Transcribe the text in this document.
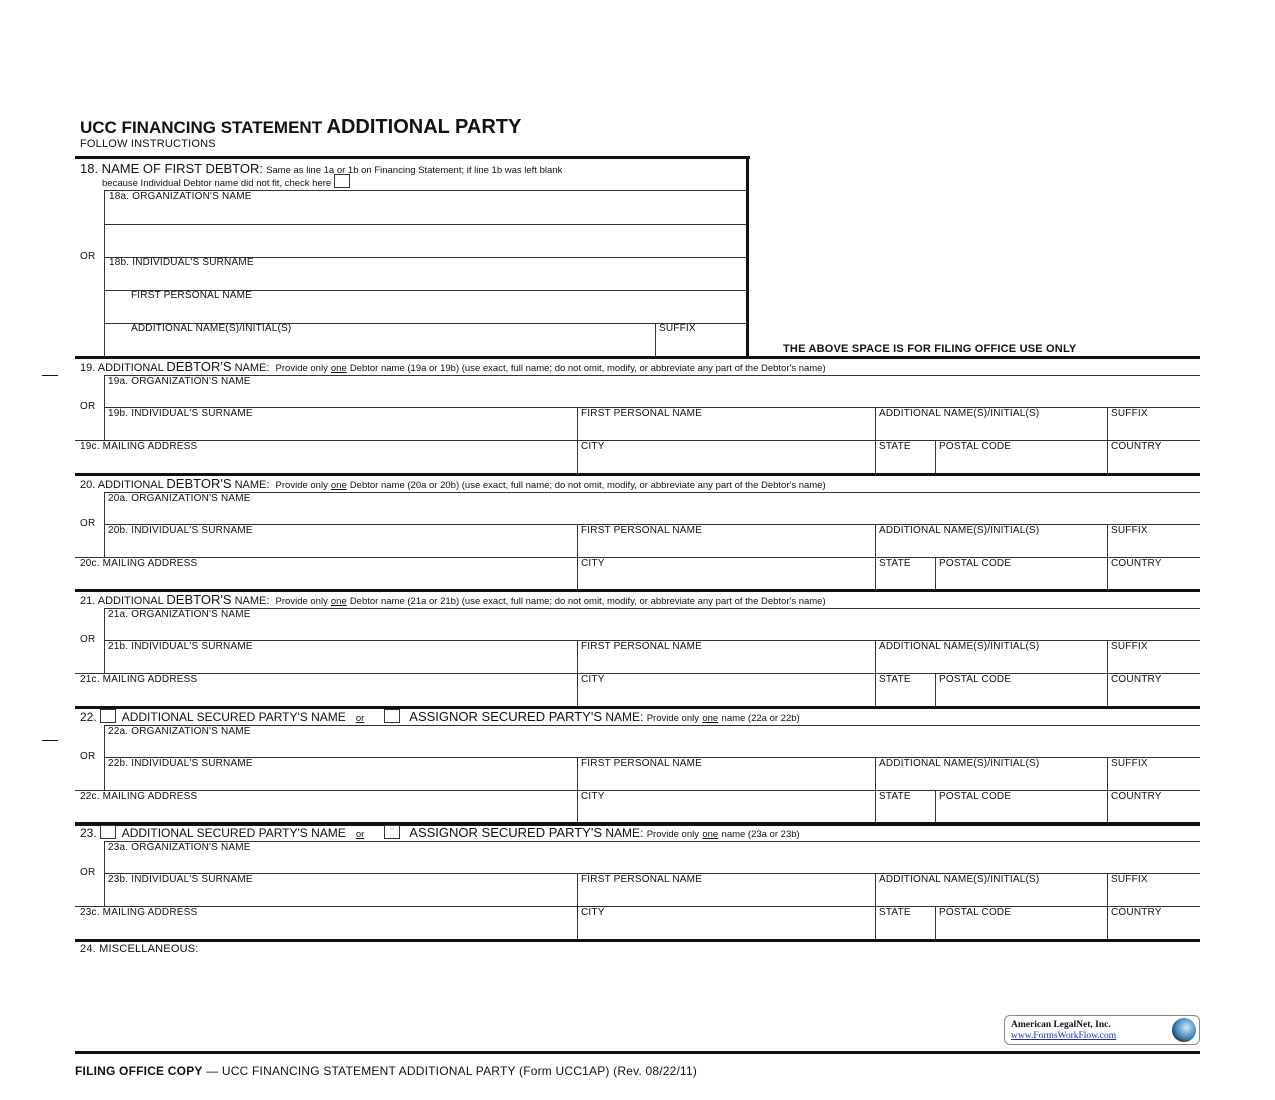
UCC FINANCING STATEMENT ADDITIONAL PARTY
FOLLOW INSTRUCTIONS
18. NAME OF FIRST DEBTOR: Same as line 1a or 1b on Financing Statement; if line 1b was left blank
because Individual Debtor name did not fit, check here
18a. ORGANIZATION'S NAME
OR
18b. INDIVIDUAL'S SURNAME
FIRST PERSONAL NAME
ADDITIONAL NAME(S)/INITIAL(S)	SUFFIX
THE ABOVE SPACE IS FOR FILING OFFICE USE ONLY
19a. ORGANIZATION'S NAME
OR
19b. INDIVIDUAL'S SURNAME	FIRST PERSONAL NAME	ADDITIONAL NAME(S)/INITIAL(S)	SUFFIX
19c. MAILING ADDRESS	CITY	STATE	POSTAL CODE	COUNTRY
19. ADDITIONAL DEBTOR'S NAME: Provide only one Debtor name (19a or 19b) (use exact, full name; do not omit, modify, or abbreviate any part of the Debtor's name)
20a. ORGANIZATION'S NAME
OR
20b. INDIVIDUAL'S SURNAME	FIRST PERSONAL NAME	ADDITIONAL NAME(S)/INITIAL(S)	SUFFIX
20c. MAILING ADDRESS	CITY	STATE	POSTAL CODE	COUNTRY
20. ADDITIONAL DEBTOR'S NAME: Provide only one Debtor name (20a or 20b) (use exact, full name; do not omit, modify, or abbreviate any part of the Debtor's name)
21a. ORGANIZATION'S NAME
OR
21b. INDIVIDUAL'S SURNAME	FIRST PERSONAL NAME	ADDITIONAL NAME(S)/INITIAL(S)	SUFFIX
21c. MAILING ADDRESS	CITY	STATE	POSTAL CODE	COUNTRY
21. ADDITIONAL DEBTOR'S NAME: Provide only one Debtor name (21a or 21b) (use exact, full name; do not omit, modify, or abbreviate any part of the Debtor's name)
22a. ORGANIZATION'S NAME
OR
22b. INDIVIDUAL'S SURNAME	FIRST PERSONAL NAME	ADDITIONAL NAME(S)/INITIAL(S)	SUFFIX
22c. MAILING ADDRESS	CITY	STATE	POSTAL CODE	COUNTRY
22. ADDITIONAL SECURED PARTY'S NAME or	ASSIGNOR SECURED PARTY'S NAME: Provide only one name (22a or 22b)
23a. ORGANIZATION'S NAME
OR
23b. INDIVIDUAL'S SURNAME	FIRST PERSONAL NAME	ADDITIONAL NAME(S)/INITIAL(S)	SUFFIX
23c. MAILING ADDRESS	CITY	STATE	POSTAL CODE	COUNTRY
23. ADDITIONAL SECURED PARTY'S NAME or	ASSIGNOR SECURED PARTY'S NAME: Provide only one name (23a or 23b)
24. MISCELLANEOUS:
American LegalNet, Inc.
www.FormsWorkFlow.com
FILING OFFICE COPY — UCC FINANCING STATEMENT ADDITIONAL PARTY (Form UCC1AP) (Rev. 08/22/11)
